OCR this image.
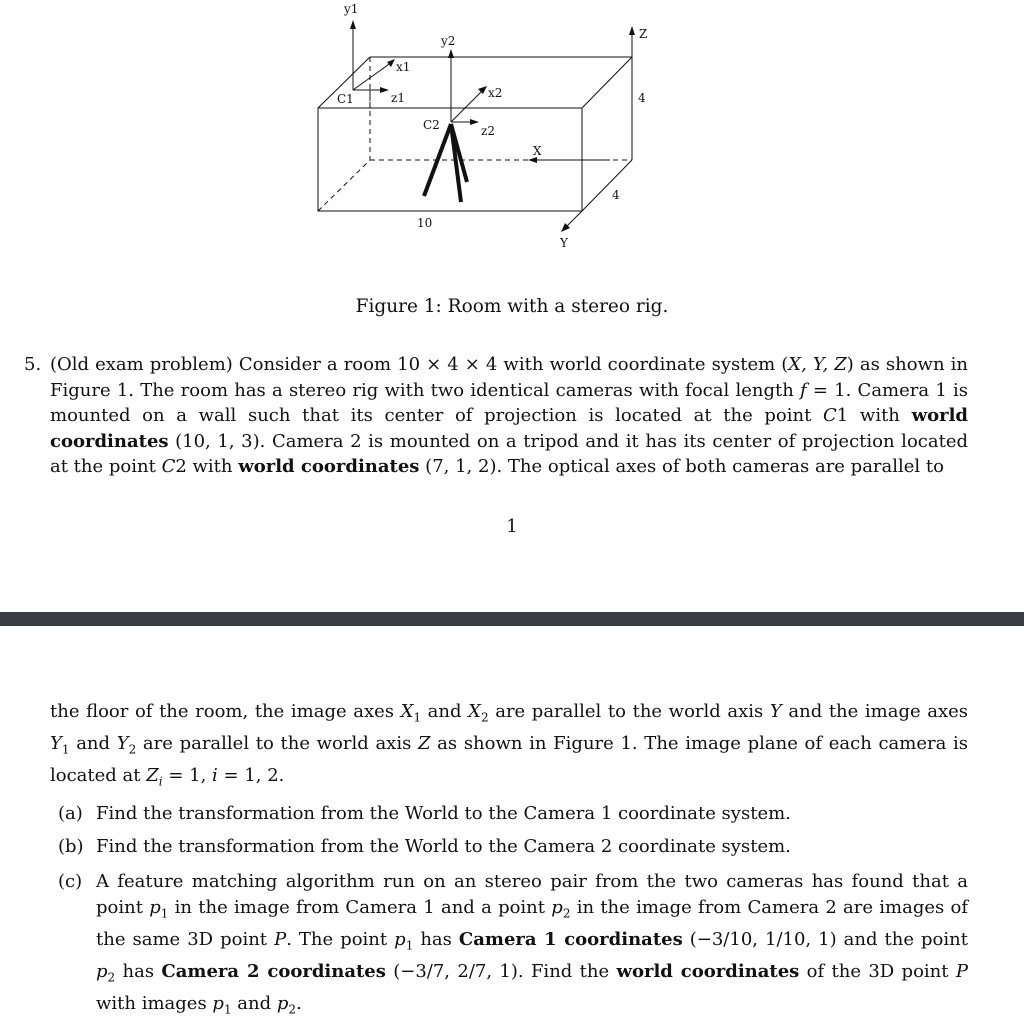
Z
X
Y
4
4
10
y1
x1
z1
C1
y2
x2
z2
C2
Figure 1: Room with a stereo rig.
5. (Old exam problem) Consider a room 10 × 4 × 4 with world coordinate system (X, Y, Z) as shown in Figure 1. The room has a stereo rig with two identical cameras with focal length f = 1. Camera 1 is mounted on a wall such that its center of projection is located at the point C1 with world coordinates (10, 1, 3). Camera 2 is mounted on a tripod and it has its center of projection located at the point C2 with world coordinates (7, 1, 2). The optical axes of both cameras are parallel to
1
the floor of the room, the image axes $X_1$ and $X_2$ are parallel to the world axis Y and the image axes $Y_1$ and $Y_2$ are parallel to the world axis Z as shown in Figure 1. The image plane of each camera is located at $Z_i = 1$, i = 1, 2.
(a) Find the transformation from the World to the Camera 1 coordinate system.
(b) Find the transformation from the World to the Camera 2 coordinate system.
(c) A feature matching algorithm run on an stereo pair from the two cameras has found that a point $p_1$ in the image from Camera 1 and a point $p_2$ in the image from Camera 2 are images of the same 3D point P. The point $p_1$ has Camera 1 coordinates (−3/10, 1/10, 1) and the point $p_2$ has Camera 2 coordinates (−3/7, 2/7, 1). Find the world coordinates of the 3D point P with images $p_1$ and $p_2$.
